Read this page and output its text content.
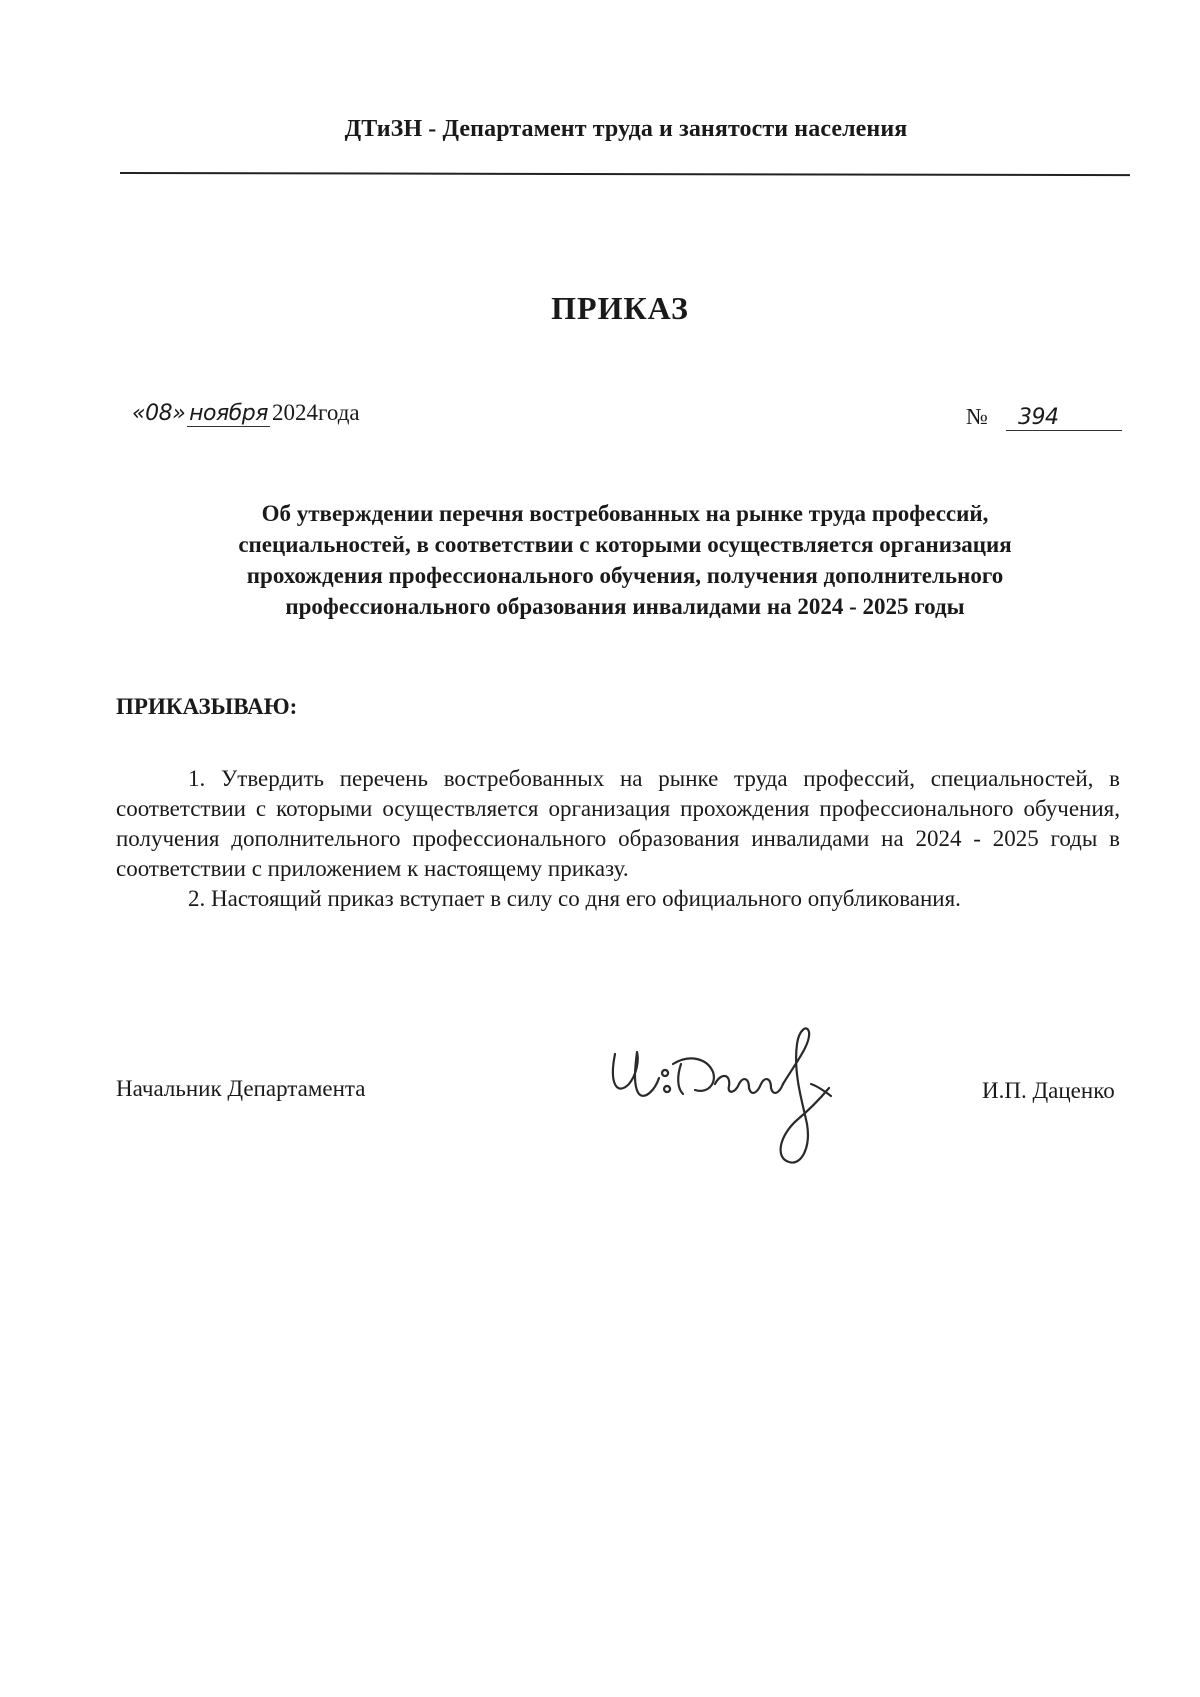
ДТиЗН - Департамент труда и занятости населения
ПРИКАЗ
«08» ноября 2024 года	№	394
Об утверждении перечня востребованных на рынке труда профессий,
специальностей, в соответствии с которыми осуществляется организация
прохождения профессионального обучения, получения дополнительного
профессионального образования инвалидами на 2024 - 2025 годы
ПРИКАЗЫВАЮ:

1. Утвердить перечень востребованных на рынке труда профессий, специальностей, в соответствии с которыми осуществляется организация прохождения профессионального обучения, получения дополнительного профессионального образования инвалидами на 2024 - 2025 годы в соответствии с приложением к настоящему приказу.

2. Настоящий приказ вступает в силу со дня его официального опубликования.

Начальник Департамента	И.П. Даценко
